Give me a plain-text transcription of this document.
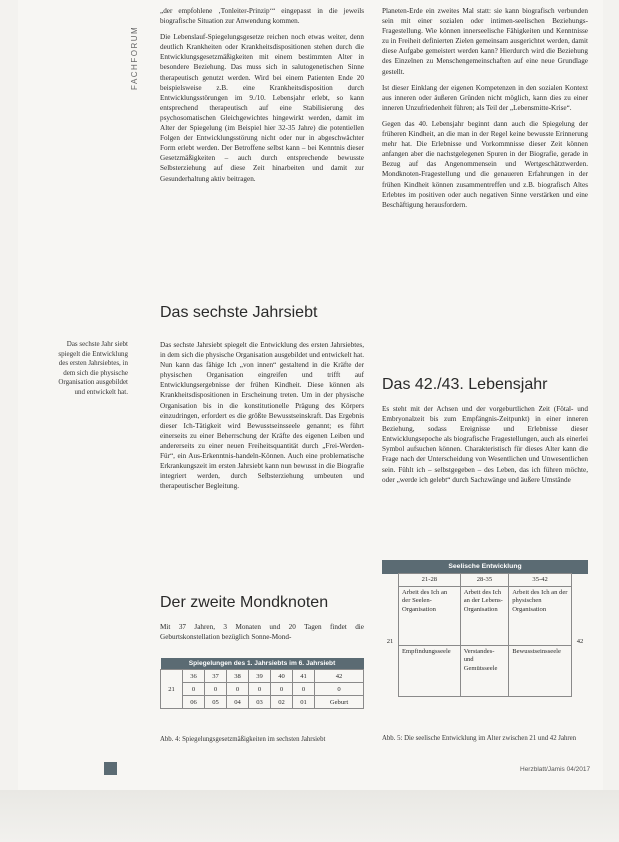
FACHFORUM

„der empfohlene ‚Tonleiter-Prinzip‘“ eingepasst in die jeweils biografische Situation zur Anwendung kommen.

Die Lebenslauf-Spiegelungsgesetze reichen noch etwas weiter, denn deutlich Krankheiten oder Krankheitsdispositionen stehen durch die Entwicklungsgesetzmäßigkeiten mit einem bestimmten Alter in besondere Beziehung. Das muss sich in salutogenetischen Sinne therapeutisch genutzt werden. Wird bei einem Patienten Ende 20 beispielsweise z.B. eine Krankheitsdisposition durch Entwicklungsstörungen im 9./10. Lebensjahr erlebt, so kann entsprechend therapeutisch auf eine Stabilisierung des psychosomatischen Gleichgewichtes hingewirkt werden, damit im Alter der Spiegelung (im Beispiel hier 32-35 Jahre) die potentiellen Folgen der Entwicklungsstörung nicht oder nur in abgeschwächter Form erlebt werden. Der Betroffene selbst kann – bei Kenntnis dieser Gesetzmäßigkeiten – auch durch entsprechende bewusste Selbsterziehung auf diese Zeit hinarbeiten und damit zur Gesunderhaltung aktiv beitragen.

Das sechste Jahrsiebt
Das sechste Jahr siebt spiegelt die Entwicklung des ersten Jahrsiebtes, in dem sich die physische Organisation ausgebildet und entwickelt hat.

Das sechste Jahrsiebt spiegelt die Entwicklung des ersten Jahrsiebtes, in dem sich die physische Organisation ausgebildet und entwickelt hat. Nun kann das fähige Ich „von innen“ gestaltend in die Kräfte der physischen Organisation eingreifen und trifft auf Entwicklungsergebnisse der frühen Kindheit. Diese können als Krankheitsdispositionen in Erscheinung treten. Um in der physische Organisation bis in die konstitutionelle Prägung des Körpers einzudringen, erfordert es die größte Bewusstseinskraft. Das Ergebnis dieser Ich-Tätigkeit wird Bewusstseinsseele genannt; es führt einerseits zu einer Beherrschung der Kräfte des eigenen Leiben und andererseits zu einer neuen Freiheitsquantität durch „Frei-Werden-Für“, ein Aus-Erkenntnis-handeln-Können. Auch eine problematische Erkrankungszeit im ersten Jahrsiebt kann nun bewusst in die Biografie integriert werden, durch Selbsterziehung umbeuten und therapeutischer Begleitung.

Der zweite Mondknoten

Mit 37 Jahren, 3 Monaten und 20 Tagen findet die Geburtskonstellation bezüglich Sonne-Mond-

Spiegelungen des 1. Jahrsiebts im 6. Jahrsiebt							
21	36	37	38	39	40	41	42
	0	0	0	0	0	0	0
	06	05	04	03	02	01	Geburt
Abb. 4: Spiegelungsgesetzmäßigkeiten im sechsten Jahrsiebt

Planeten-Erde ein zweites Mal statt: sie kann biografisch verbunden sein mit einer sozialen oder intimen-seelischen Beziehungs-Fragestellung. Wie können innerseelische Fähigkeiten und Kenntnisse zu in Freiheit definierten Zielen gemeinsam ausgerichtet werden, damit diese Aufgabe gemeistert werden kann? Hierdurch wird die Beziehung des Einzelnen zu Menschengemeinschaften auf eine neue Grundlage gestellt.

Ist dieser Einklang der eigenen Kompetenzen in den sozialen Kontext aus inneren oder äußeren Gründen nicht möglich, kann dies zu einer inneren Unzufriedenheit führen; als Teil der „Lebensmitte-Krise“.

Gegen das 40. Lebensjahr beginnt dann auch die Spiegelung der früheren Kindheit, an die man in der Regel keine bewusste Erinnerung mehr hat. Die Erlebnisse und Vorkommnisse dieser Zeit können anfangen aber die nachstgelegenen Spuren in der Biografie, gerade in Bezug auf das Angenommensein und Wertgeschätztwerden. Mondknoten-Fragestellung und die genaueren Erfahrungen in der frühen Kindheit können zusammentreffen und z.B. biografisch Altes Erlebtes im positiven oder auch negativen Sinne verstärken und eine Beschäftigung herausfordern.

Das 42./43. Lebensjahr

Es steht mit der Achsen und der vorgeburtlichen Zeit (Fötal- und Embryonalzeit bis zum Empfängnis-Zeitpunkt) in einer inneren Beziehung, sodass Ereignisse und Erlebnisse dieser Entwicklungsepoche als biografische Fragestellungen, auch als einerlei Symbol aufsuchen können. Charakteristisch für dieses Alter kann die Frage nach der Unterscheidung von Wesentlichen und Unwesentlichen sein. Fühlt ich – selbstgegeben – des Leben, das ich führen möchte, oder „werde ich gelebt“ durch Sachzwänge und äußere Umstände

Seelische Entwicklung				
	21-28	28-35	35-42	
21	Arbeit des Ich an der Seelen-Organisation	Arbeit des Ich an der Lebens-Organisation	Arbeit des Ich an der physischen Organisation	42
	Empfindungsseele	Verstandes- und Gemütsseele	Bewusstseinsseele	
Abb. 5: Die seelische Entwicklung im Alter zwischen 21 und 42 Jahren
Herzblatt/Jamis 04/2017
